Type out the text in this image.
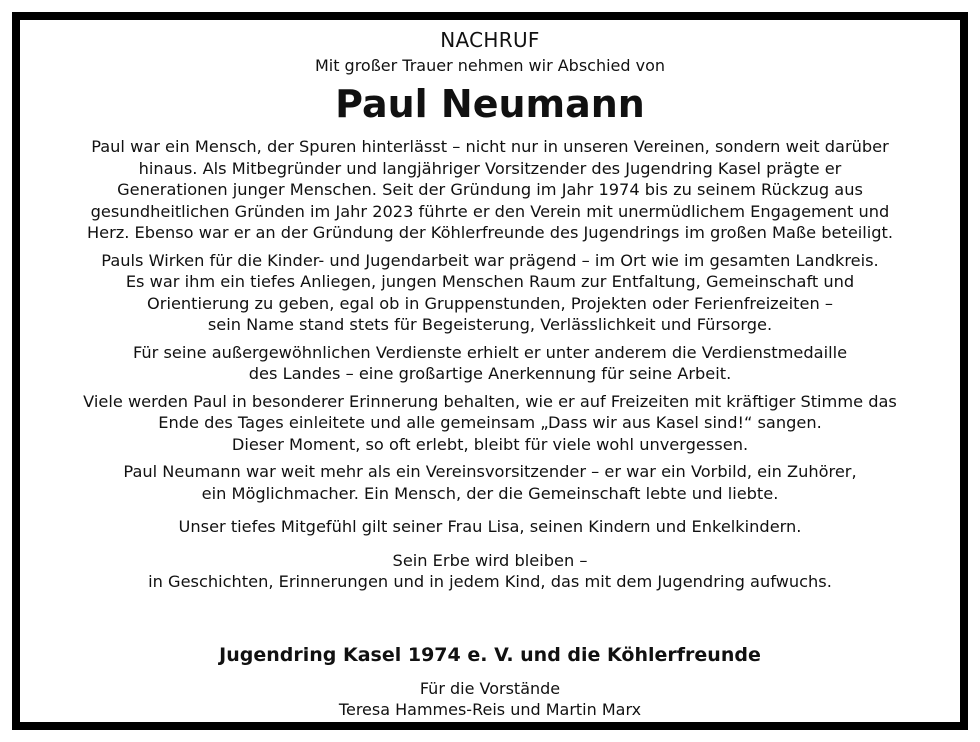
NACHRUF
Mit großer Trauer nehmen wir Abschied von
Paul Neumann

Paul war ein Mensch, der Spuren hinterlässt – nicht nur in unseren Vereinen, sondern weit darüber
hinaus. Als Mitbegründer und langjähriger Vorsitzender des Jugendring Kasel prägte er
Generationen junger Menschen. Seit der Gründung im Jahr 1974 bis zu seinem Rückzug aus
gesundheitlichen Gründen im Jahr 2023 führte er den Verein mit unermüdlichem Engagement und
Herz. Ebenso war er an der Gründung der Köhlerfreunde des Jugendrings im großen Maße beteiligt.

Pauls Wirken für die Kinder- und Jugendarbeit war prägend – im Ort wie im gesamten Landkreis.
Es war ihm ein tiefes Anliegen, jungen Menschen Raum zur Entfaltung, Gemeinschaft und
Orientierung zu geben, egal ob in Gruppenstunden, Projekten oder Ferienfreizeiten –
sein Name stand stets für Begeisterung, Verlässlichkeit und Fürsorge.

Für seine außergewöhnlichen Verdienste erhielt er unter anderem die Verdienstmedaille
des Landes – eine großartige Anerkennung für seine Arbeit.

Viele werden Paul in besonderer Erinnerung behalten, wie er auf Freizeiten mit kräftiger Stimme das
Ende des Tages einleitete und alle gemeinsam „Dass wir aus Kasel sind!“ sangen.
Dieser Moment, so oft erlebt, bleibt für viele wohl unvergessen.

Paul Neumann war weit mehr als ein Vereinsvorsitzender – er war ein Vorbild, ein Zuhörer,
ein Möglichmacher. Ein Mensch, der die Gemeinschaft lebte und liebte.

Unser tiefes Mitgefühl gilt seiner Frau Lisa, seinen Kindern und Enkelkindern.

Sein Erbe wird bleiben –
in Geschichten, Erinnerungen und in jedem Kind, das mit dem Jugendring aufwuchs.

Jugendring Kasel 1974 e. V. und die Köhlerfreunde
Für die Vorstände
Teresa Hammes-Reis und Martin Marx
